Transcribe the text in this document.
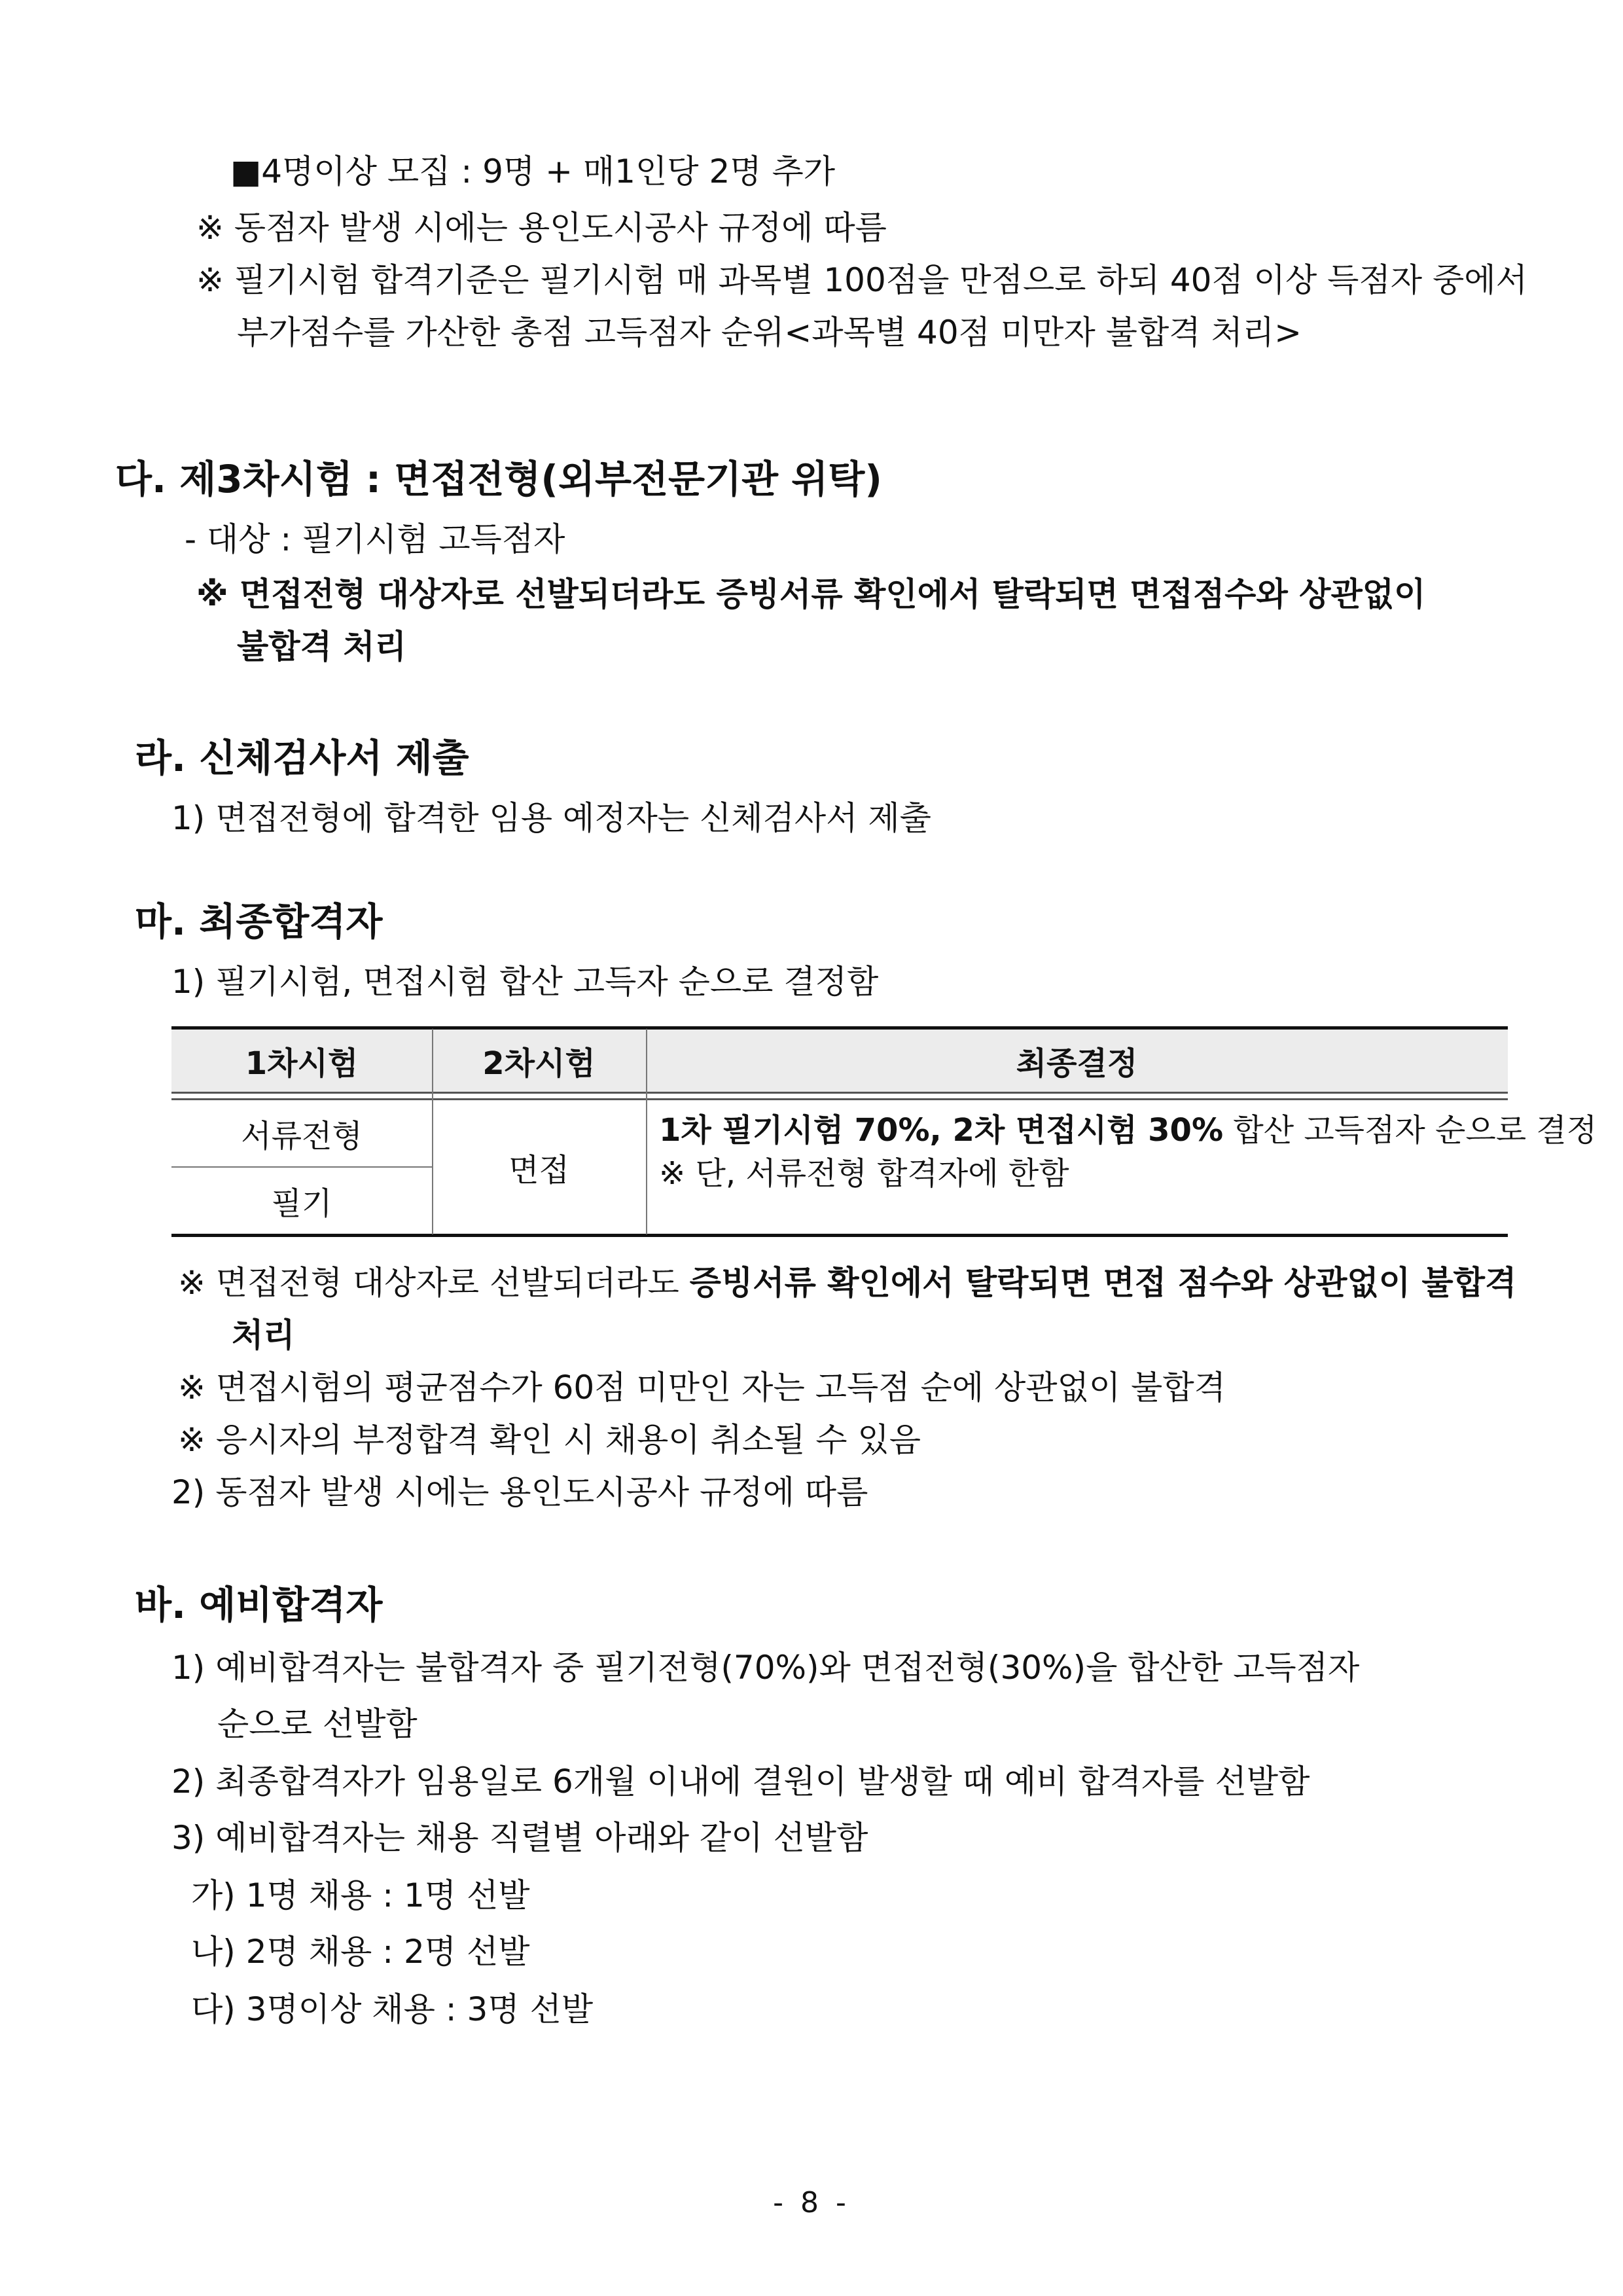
■4명이상 모집 : 9명 + 매1인당 2명 추가
※ 동점자 발생 시에는 용인도시공사 규정에 따름
※ 필기시험 합격기준은 필기시험 매 과목별 100점을 만점으로 하되 40점 이상 득점자 중에서
부가점수를 가산한 총점 고득점자 순위<과목별 40점 미만자 불합격 처리>
다. 제3차시험 : 면접전형(외부전문기관 위탁)
- 대상 : 필기시험 고득점자
※ 면접전형 대상자로 선발되더라도 증빙서류 확인에서 탈락되면 면접점수와 상관없이
불합격 처리
라. 신체검사서 제출
1) 면접전형에 합격한 임용 예정자는 신체검사서 제출
마. 최종합격자
1) 필기시험, 면접시험 합산 고득자 순으로 결정함
1차시험	2차시험	최종결정
서류전형
필기
면접
1차 필기시험 70%, 2차 면접시험 30% 합산 고득점자 순으로 결정
※ 단, 서류전형 합격자에 한함
※ 면접전형 대상자로 선발되더라도 증빙서류 확인에서 탈락되면 면접 점수와 상관없이 불합격
처리
※ 면접시험의 평균점수가 60점 미만인 자는 고득점 순에 상관없이 불합격
※ 응시자의 부정합격 확인 시 채용이 취소될 수 있음
2) 동점자 발생 시에는 용인도시공사 규정에 따름
바. 예비합격자
1) 예비합격자는 불합격자 중 필기전형(70%)와 면접전형(30%)을 합산한 고득점자
순으로 선발함
2) 최종합격자가 임용일로 6개월 이내에 결원이 발생할 때 예비 합격자를 선발함
3) 예비합격자는 채용 직렬별 아래와 같이 선발함
가) 1명 채용 : 1명 선발
나) 2명 채용 : 2명 선발
다) 3명이상 채용 : 3명 선발
- 8 -
